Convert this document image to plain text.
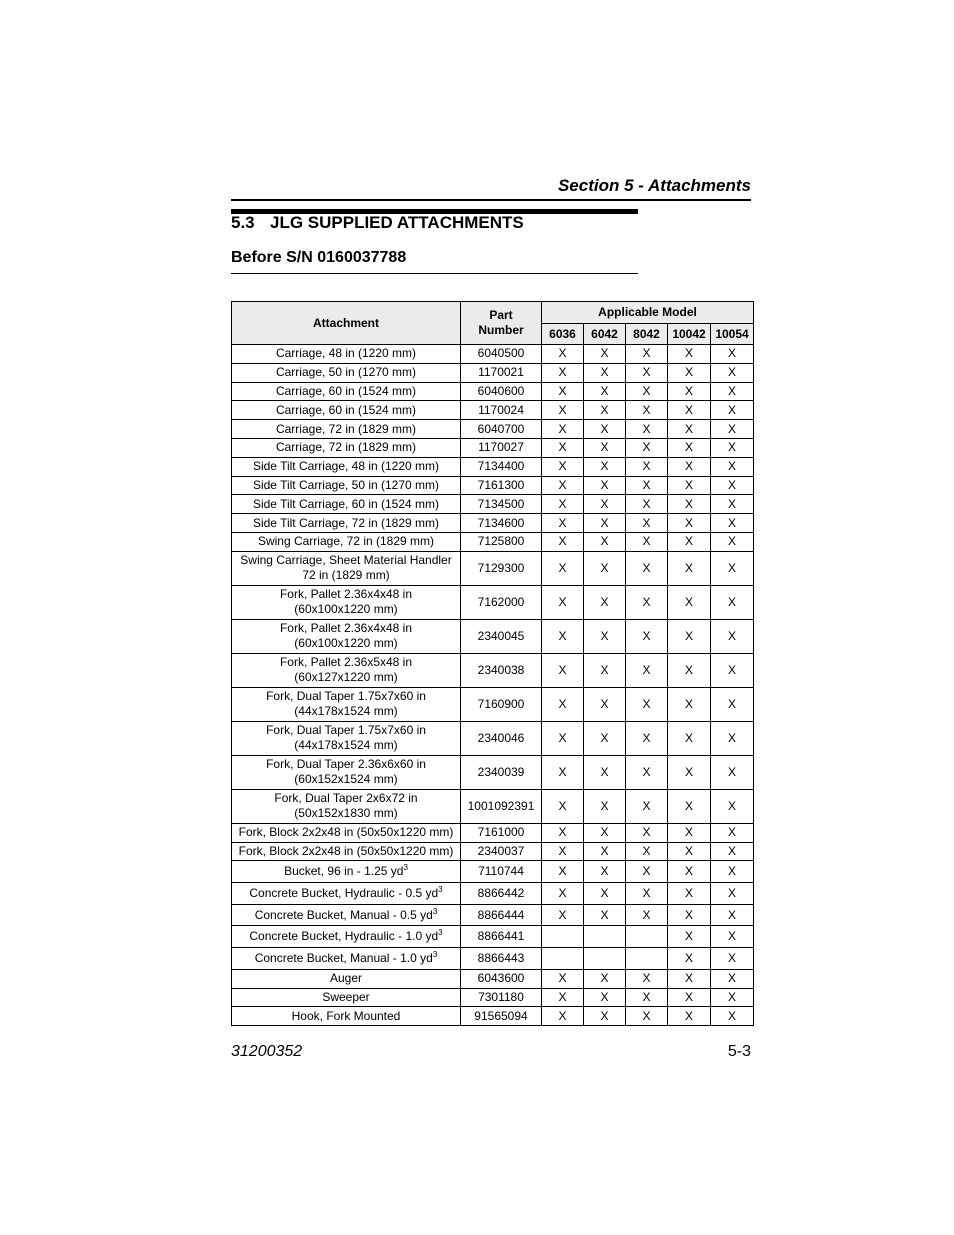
Section 5 - Attachments
5.3 JLG SUPPLIED ATTACHMENTS
Before S/N 0160037788
Attachment	Part Number	Applicable Model				
		6036	6042	8042	10042	10054
Carriage, 48 in (1220 mm)	6040500	X	X	X	X	X
Carriage, 50 in (1270 mm)	1170021	X	X	X	X	X
Carriage, 60 in (1524 mm)	6040600	X	X	X	X	X
Carriage, 60 in (1524 mm)	1170024	X	X	X	X	X
Carriage, 72 in (1829 mm)	6040700	X	X	X	X	X
Carriage, 72 in (1829 mm)	1170027	X	X	X	X	X
Side Tilt Carriage, 48 in (1220 mm)	7134400	X	X	X	X	X
Side Tilt Carriage, 50 in (1270 mm)	7161300	X	X	X	X	X
Side Tilt Carriage, 60 in (1524 mm)	7134500	X	X	X	X	X
Side Tilt Carriage, 72 in (1829 mm)	7134600	X	X	X	X	X
Swing Carriage, 72 in (1829 mm)	7125800	X	X	X	X	X
Swing Carriage, Sheet Material Handler
72 in (1829 mm)	7129300	X	X	X	X	X
Fork, Pallet 2.36x4x48 in
(60x100x1220 mm)	7162000	X	X	X	X	X
Fork, Pallet 2.36x4x48 in
(60x100x1220 mm)	2340045	X	X	X	X	X
Fork, Pallet 2.36x5x48 in
(60x127x1220 mm)	2340038	X	X	X	X	X
Fork, Dual Taper 1.75x7x60 in
(44x178x1524 mm)	7160900	X	X	X	X	X
Fork, Dual Taper 1.75x7x60 in
(44x178x1524 mm)	2340046	X	X	X	X	X
Fork, Dual Taper 2.36x6x60 in
(60x152x1524 mm)	2340039	X	X	X	X	X
Fork, Dual Taper 2x6x72 in
(50x152x1830 mm)	1001092391	X	X	X	X	X
Fork, Block 2x2x48 in (50x50x1220 mm)	7161000	X	X	X	X	X
Fork, Block 2x2x48 in (50x50x1220 mm)	2340037	X	X	X	X	X
Bucket, 96 in - 1.25 $yd^3$	7110744	X	X	X	X	X
Concrete Bucket, Hydraulic - 0.5 $yd^3$	8866442	X	X	X	X	X
Concrete Bucket, Manual - 0.5 $yd^3$	8866444	X	X	X	X	X
Concrete Bucket, Hydraulic - 1.0 $yd^3$	8866441				X	X
Concrete Bucket, Manual - 1.0 $yd^3$	8866443				X	X
Auger	6043600	X	X	X	X	X
Sweeper	7301180	X	X	X	X	X
Hook, Fork Mounted	91565094	X	X	X	X	X
31200352	5-3
